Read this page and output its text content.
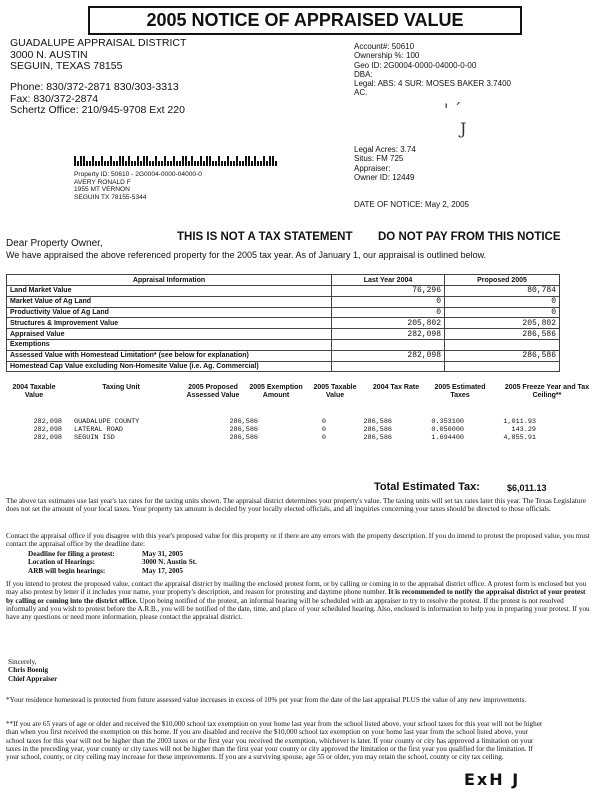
2005 NOTICE OF APPRAISED VALUE
GUADALUPE APPRAISAL DISTRICT
3000 N. AUSTIN
SEGUIN, TEXAS 78155
Phone: 830/372-2871 830/303-3313
Fax: 830/372-2874
Schertz Office: 210/945-9708 Ext 220
Account#: 50610
Ownership %: 100
Geo ID: 2G0004-0000-04000-0-00
DBA:
Legal: ABS: 4 SUR: MOSES BAKER 3.7400
AC.
' ˊ
J
Legal Acres: 3.74
Situs: FM 725
Appraiser:
Owner ID: 12449
Property ID: 50610 - 2G0004-0000-04000-0
AVERY RONALD F
1955 MT VERNON
SEGUIN TX 78155-5344
DATE OF NOTICE: May 2, 2005
Dear Property Owner,
THIS IS NOT A TAX STATEMENT DO NOT PAY FROM THIS NOTICE
We have appraised the above referenced property for the 2005 tax year. As of January 1, our appraisal is outlined below.
Appraisal Information	Last Year 2004	Proposed 2005
Land Market Value	76,296	80,784
Market Value of Ag Land	0	0
Productivity Value of Ag Land	0	0
Structures & Improvement Value	205,802	205,802
Appraised Value	282,098	286,586
Exemptions		
Assessed Value with Homestead Limitation* (see below for explanation)	282,098	286,586
Homestead Cap Value excluding Non-Homesite Value (i.e. Ag. Commercial)		
2004 Taxable Value	Taxing Unit	2005 Proposed Assessed Value	2005 Exemption Amount	2005 Taxable Value	2004 Tax Rate	2005 Estimated Taxes	2005 Freeze Year and Tax Ceiling**
282,098	GUADALUPE COUNTY	286,586	0	286,586	0.353100	1,011.93	
282,098	LATERAL ROAD	286,586	0	286,586	0.050000	143.29	
282,098	SEGUIN ISD	286,586	0	286,586	1.694400	4,855.91	
Total Estimated Tax:	$6,011.13
The above tax estimates use last year's tax rates for the taxing units shown. The appraisal district determines your property's value. The taxing units will set tax rates later this year. The Texas Legislature does not set the amount of your local taxes. Your property tax amount is decided by your locally elected officials, and all inquiries concerning your taxes should be directed to those officials.
Contact the appraisal office if you disagree with this year's proposed value for this property or if there are any errors with the property description. If you do intend to protest the proposed value, you must contact the appraisal office by the deadline date:
Deadline for filing a protest:	May 31, 2005
Location of Hearings:	3000 N. Austin St.
ARB will begin hearings:	May 17, 2005
If you intend to protest the proposed value, contact the appraisal district by mailing the enclosed protest form, or by calling or coming in to the appraisal district office. A protest form is enclosed but you may also protest by letter if it includes your name, your property's description, and reason for protesting and daytime phone number. It is recommended to notify the appraisal district of your protest by calling or coming into the district office. Upon being notified of the protest, an informal hearing will be scheduled with an appraiser to try to resolve the protest. If the protest is not resolved informally and you wish to protest before the A.R.B., you will be notified of the date, time, and place of your scheduled hearing. Also, enclosed is information to help you in preparing your protest. If you have any questions or need more information, please contact the appraisal district.
Sincerely,
Chris Boenig
Chief Appraiser
*Your residence homestead is protected from future assessed value increases in excess of 10% per year from the date of the last appraisal PLUS the value of any new improvements.
**If you are 65 years of age or older and received the $10,000 school tax exemption on your home last year from the school listed above, your school taxes for this year will not be higher than when you first received the exemption on this home. If you are disabled and receive the $10,000 school tax exemption on your home last year from the school listed above, your school taxes for this year will not be higher than the 2003 taxes or the first year you received the exemption, whichever is later. If your county or city has approved a limitation on your taxes in the preceding year, your county or city taxes will not be higher than the first year your county or city approved the limitation or the first year you qualified for the limitation. If your school, county, or city ceiling may increase for these improvements. If you are a surviving spouse, age 55 or older, you may retain the school, county or city tax ceiling.
ExH J
